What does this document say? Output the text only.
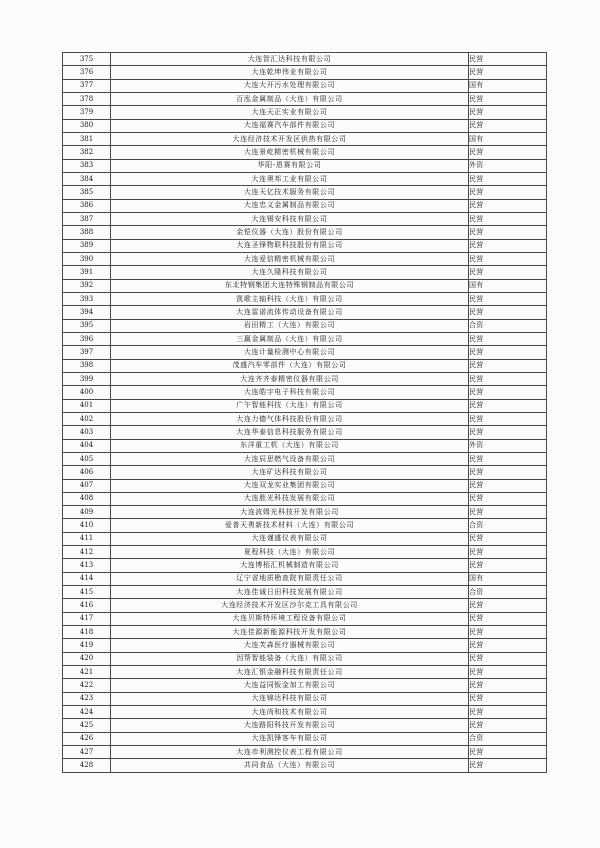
375	大连智汇达科技有限公司	民营
376	大连乾坤伟业有限公司	民营
377	大连大开污水处理有限公司	国有
378	百泓金属制品（大连）有限公司	民营
379	大连天正实业有限公司	民营
380	大连福赛汽车部件有限公司	民营
381	大连经济技术开发区供热有限公司	国有
382	大连景屹精密机械有限公司	民营
383	华阳-恩赛有限公司	外资
384	大连奥邦工业有限公司	民营
385	大连天亿技术服务有限公司	民营
386	大连忠义金属制品有限公司	民营
387	大连锡安科技有限公司	民营
388	金铠仪器（大连）股份有限公司	民营
389	大连圣锋物联科技股份有限公司	民营
390	大连爱信精密机械有限公司	民营
391	大连久隆科技有限公司	民营
392	东北特钢集团大连特殊钢制品有限公司	国有
393	凯歌主轴科技（大连）有限公司	民营
394	大连雷诺流体传动设备有限公司	民营
395	岩田精工（大连）有限公司	合资
396	三赢金属制品（大连）有限公司	民营
397	大连计量检测中心有限公司	民营
398	茂盛汽车零部件（大连）有限公司	民营
399	大连齐齐泰精密仪器有限公司	民营
400	大连皓宇电子科技有限公司	民营
401	广午智能科技（大连）有限公司	民营
402	大连力德气体科技股份有限公司	民营
403	大连华泰信息科技服务有限公司	民营
404	东洋重工机（大连）有限公司	外资
405	大连辰思燃气设备有限公司	民营
406	大连矿达科技有限公司	民营
407	大连双龙实业集团有限公司	民营
408	大连胜光科技发展有限公司	民营
409	大连波姆光科技开发有限公司	民营
410	爱普天勇新技术材料（大连）有限公司	合资
411	大连谨盛仪表有限公司	民营
412	夏程科技（大连）有限公司	民营
413	大连博栢汇机械制造有限公司	民营
414	辽宁省地质勘查院有限责任公司	国有
415	大连佳诚日田科技发展有限公司	合资
416	大连经济技术开发区沙尔克工具有限公司	民营
417	大连贝斯特环境工程设备有限公司	民营
418	大连佳源新能源科技开发有限公司	民营
419	大连芙森医疗器械有限公司	民营
420	因帮智能装备（大连）有限公司	民营
421	大连汇银金融科技有限责任公司	民营
422	大连益同钣金加工有限公司	民营
423	大连锦达科技有限公司	民营
424	大连尚和技术有限公司	民营
425	大连路阳科技开发有限公司	民营
426	大连凯锋客车有限公司	合资
427	大连市利测控仪表工程有限公司	民营
428	共同食品（大连）有限公司	民营
